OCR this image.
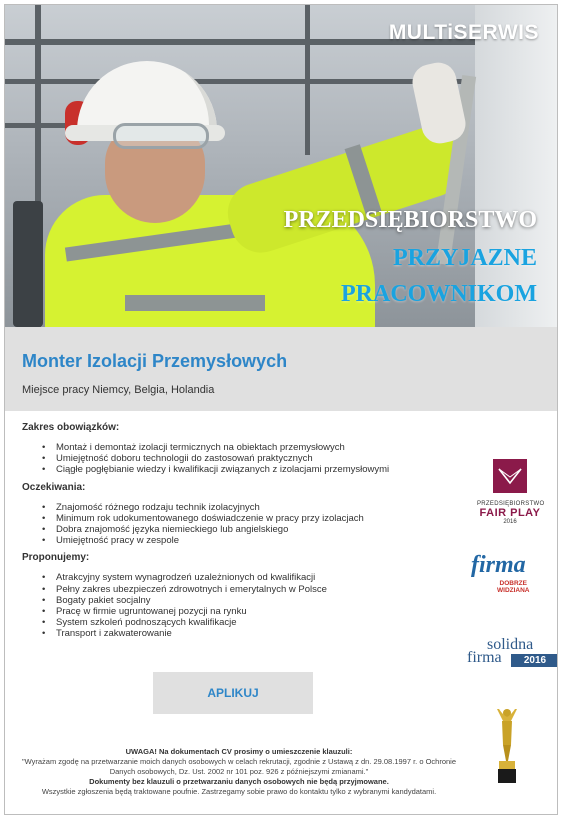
MULTiSERWIS
PRZEDSIĘBIORSTWO
PRZYJAZNE
PRACOWNIKOM
Monter Izolacji Przemysłowych
Miejsce pracy Niemcy, Belgia, Holandia
Zakres obowiązków:
• Montaż i demontaż izolacji termicznych na obiektach przemysłowych
• Umiejętność doboru technologii do zastosowań praktycznych
• Ciągłe pogłębianie wiedzy i kwalifikacji związanych z izolacjami przemysłowymi
Oczekiwania:
• Znajomość różnego rodzaju technik izolacyjnych
• Minimum rok udokumentowanego doświadczenie w pracy przy izolacjach
• Dobra znajomość języka niemieckiego lub angielskiego
• Umiejętność pracy w zespole
Proponujemy:
• Atrakcyjny system wynagrodzeń uzależnionych od kwalifikacji
• Pełny zakres ubezpieczeń zdrowotnych i emerytalnych w Polsce
• Bogaty pakiet socjalny
• Pracę w firmie ugruntowanej pozycji na rynku
• System szkoleń podnoszących kwalifikacje
• Transport i zakwaterowanie
APLIKUJ
UWAGA! Na dokumentach CV prosimy o umieszczenie klauzuli:
"Wyrażam zgodę na przetwarzanie moich danych osobowych w celach rekrutacji, zgodnie z Ustawą z dn. 29.08.1997 r. o Ochronie Danych osobowych, Dz. Ust. 2002 nr 101 poz. 926 z późniejszymi zmianami."
Dokumenty bez klauzuli o przetwarzaniu danych osobowych nie będą przyjmowane.
Wszystkie zgłoszenia będą traktowane poufnie. Zastrzegamy sobie prawo do kontaktu tylko z wybranymi kandydatami.
PRZEDSIĘBIORSTWO
FAIR PLAY
2016
firma
DOBRZE
WIDZIANA
solidna
firma	2016
